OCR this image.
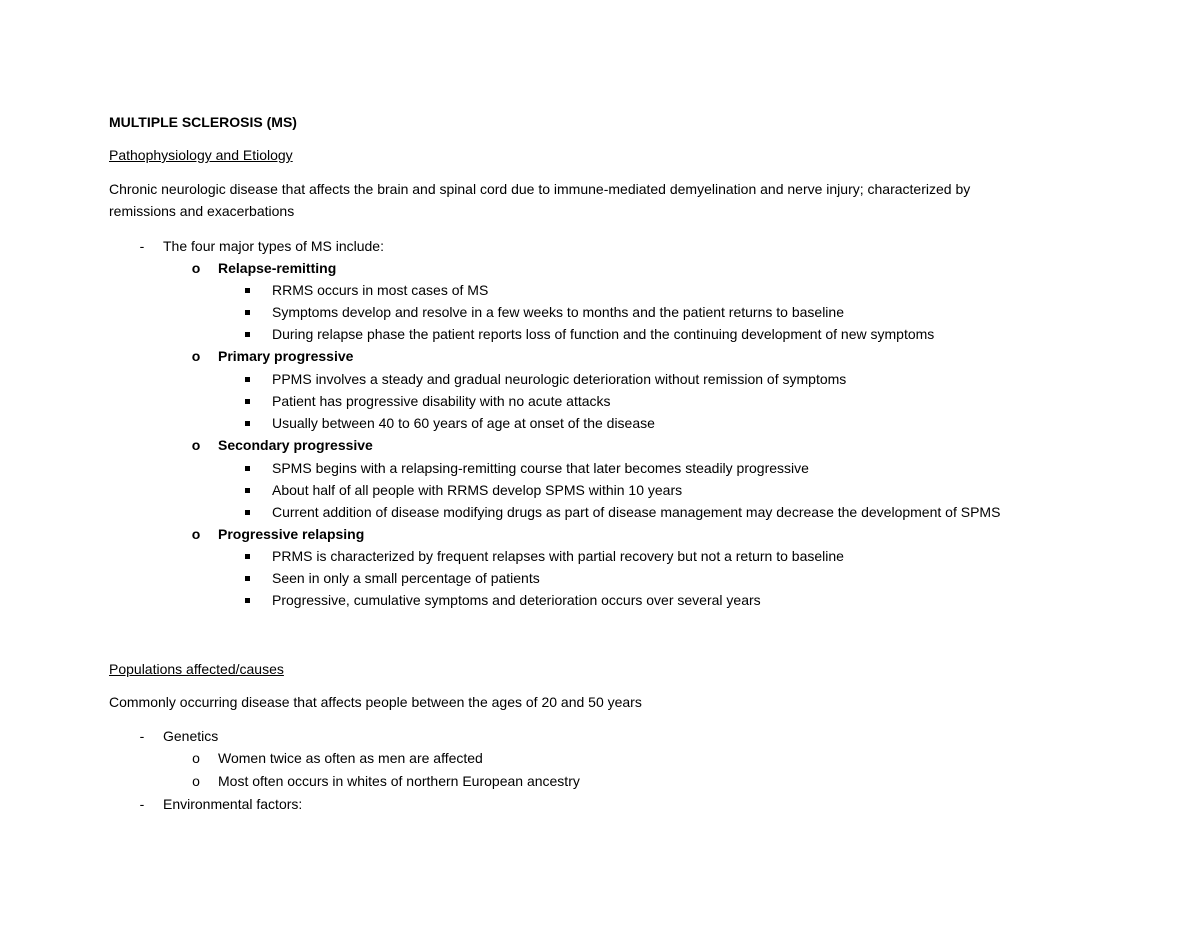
MULTIPLE SCLEROSIS (MS)
Pathophysiology and Etiology
Chronic neurologic disease that affects the brain and spinal cord due to immune-mediated demyelination and nerve injury; characterized by
remissions and exacerbations
- The four major types of MS include:
o Relapse-remitting
RRMS occurs in most cases of MS
Symptoms develop and resolve in a few weeks to months and the patient returns to baseline
During relapse phase the patient reports loss of function and the continuing development of new symptoms
o Primary progressive
PPMS involves a steady and gradual neurologic deterioration without remission of symptoms
Patient has progressive disability with no acute attacks
Usually between 40 to 60 years of age at onset of the disease
o Secondary progressive
SPMS begins with a relapsing-remitting course that later becomes steadily progressive
About half of all people with RRMS develop SPMS within 10 years
Current addition of disease modifying drugs as part of disease management may decrease the development of SPMS
o Progressive relapsing
PRMS is characterized by frequent relapses with partial recovery but not a return to baseline
Seen in only a small percentage of patients
Progressive, cumulative symptoms and deterioration occurs over several years
Populations affected/causes
Commonly occurring disease that affects people between the ages of 20 and 50 years
- Genetics
o Women twice as often as men are affected
o Most often occurs in whites of northern European ancestry
- Environmental factors:
